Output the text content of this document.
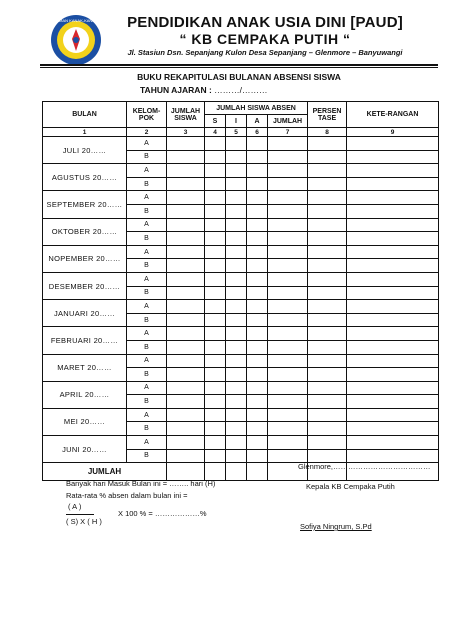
TAMAN KANAK-KANAK	PENDIDIKAN ANAK USIA DINI [PAUD]
“ KB CEMPAKA PUTIH “
Jl. Stasiun Dsn. Sepanjang Kulon Desa Sepanjang – Glenmore – Banyuwangi
BUKU REKAPITULASI BULANAN ABSENSI SISWA
TAHUN AJARAN : ………/………
BULAN	KELOM-POK	JUMLAH SISWA	JUMLAH SISWA ABSEN				PERSEN TASE	KETE-RANGAN
			S	I	A	JUMLAH		
1	2	3	4	5	6	7	8	9
JULI 20……	A							
	B							
AGUSTUS 20……	A							
	B							
SEPTEMBER 20……	A							
	B							
OKTOBER 20……	A							
	B							
NOPEMBER 20……	A							
	B							
DESEMBER 20……	A							
	B							
JANUARI 20……	A							
	B							
FEBRUARI 20……	A							
	B							
MARET 20……	A							
	B							
APRIL 20……	A							
	B							
MEI 20……	A							
	B							
JUNI 20……	A							
	B							
JUMLAH								
Glenmore,…………………………………
Banyak hari Masuk Bulan ini = …….. hari (H)
Rata-rata % absen dalam bulan ini =
( A )
X 100 % = ………………%
( S) X ( H )
Kepala KB Cempaka Putih
Sofiya Ningrum, S.Pd
